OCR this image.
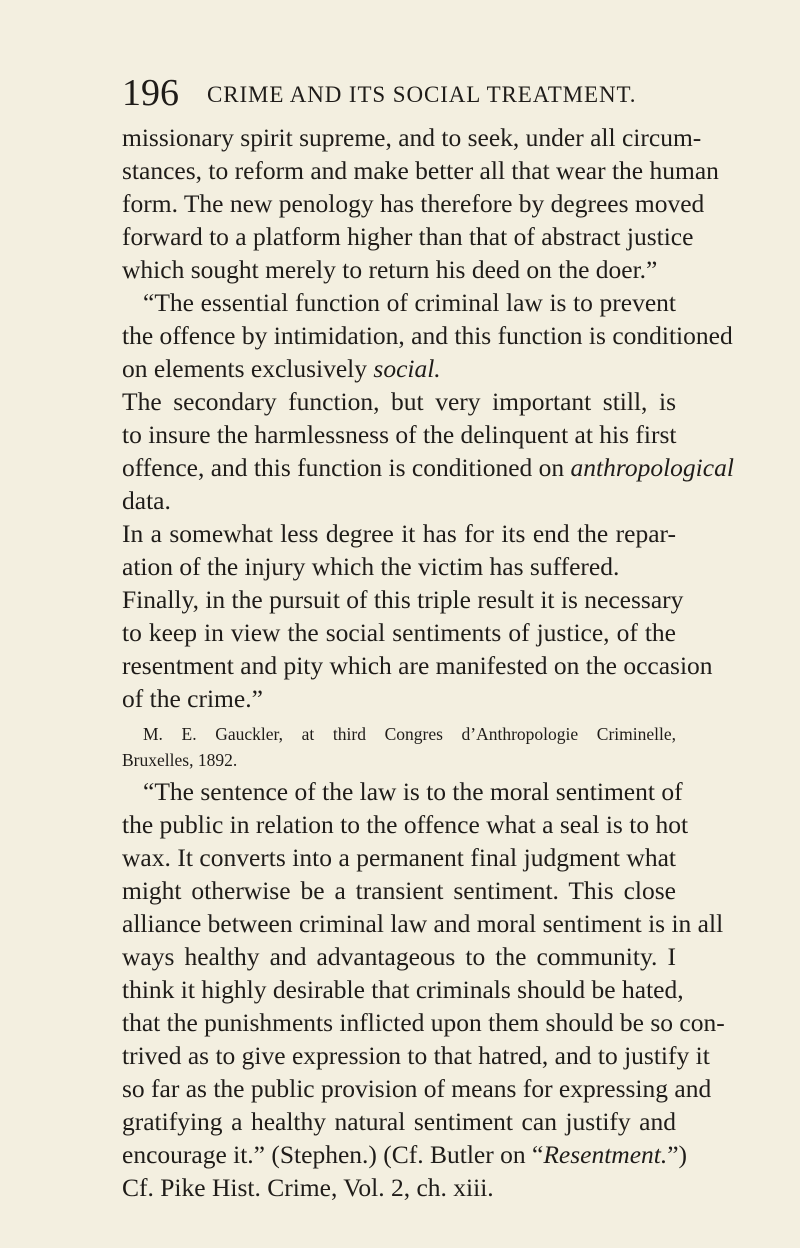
196 CRIME AND ITS SOCIAL TREATMENT.
missionary spirit supreme, and to seek, under all circum-
stances, to reform and make better all that wear the human
form. The new penology has therefore by degrees moved
forward to a platform higher than that of abstract justice
which sought merely to return his deed on the doer.”
“The essential function of criminal law is to prevent
the offence by intimidation, and this function is conditioned
on elements exclusively social.
The secondary function, but very important still, is
to insure the harmlessness of the delinquent at his first
offence, and this function is conditioned on anthropological
data.
In a somewhat less degree it has for its end the repar-
ation of the injury which the victim has suffered.
Finally, in the pursuit of this triple result it is necessary
to keep in view the social sentiments of justice, of the
resentment and pity which are manifested on the occasion
of the crime.”
M. E. Gauckler, at third Congres d’Anthropologie Criminelle,
Bruxelles, 1892.
“The sentence of the law is to the moral sentiment of
the public in relation to the offence what a seal is to hot
wax. It converts into a permanent final judgment what
might otherwise be a transient sentiment. This close
alliance between criminal law and moral sentiment is in all
ways healthy and advantageous to the community. I
think it highly desirable that criminals should be hated,
that the punishments inflicted upon them should be so con-
trived as to give expression to that hatred, and to justify it
so far as the public provision of means for expressing and
gratifying a healthy natural sentiment can justify and
encourage it.” (Stephen.) (Cf. Butler on “Resentment.”)
Cf. Pike Hist. Crime, Vol. 2, ch. xiii.
